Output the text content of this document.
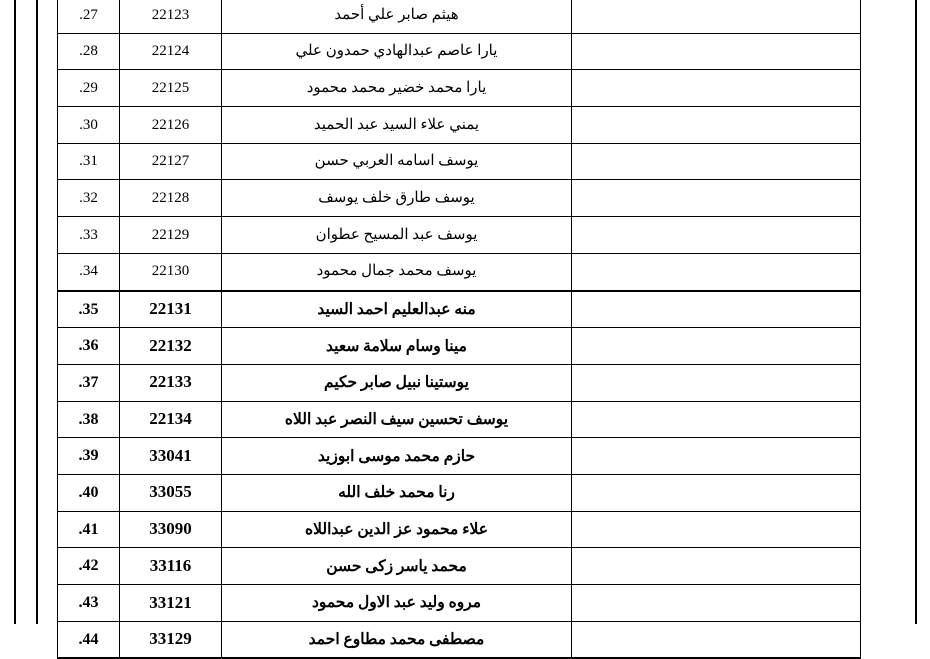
	هيثم صابر علي أحمد	22123	.27
	يارا عاصم عبدالهادي حمدون علي	22124	.28
	يارا محمد خضير محمد محمود	22125	.29
	يمني علاء السيد عبد الحميد	22126	.30
	يوسف اسامه العربي حسن	22127	.31
	يوسف طارق خلف يوسف	22128	.32
	يوسف عبد المسيح عطوان	22129	.33
	يوسف محمد جمال محمود	22130	.34
	منه عبدالعليم احمد السيد	22131	.35
	مينا وسام سلامة سعيد	22132	.36
	يوستينا نبيل صابر حكيم	22133	.37
	يوسف تحسين سيف النصر عبد اللاه	22134	.38
	حازم محمد موسى ابوزيد	33041	.39
	رنا محمد خلف الله	33055	.40
	علاء محمود عز الدين عبداللاه	33090	.41
	محمد ياسر زكى حسن	33116	.42
	مروه وليد عبد الاول محمود	33121	.43
	مصطفى محمد مطاوع احمد	33129	.44
